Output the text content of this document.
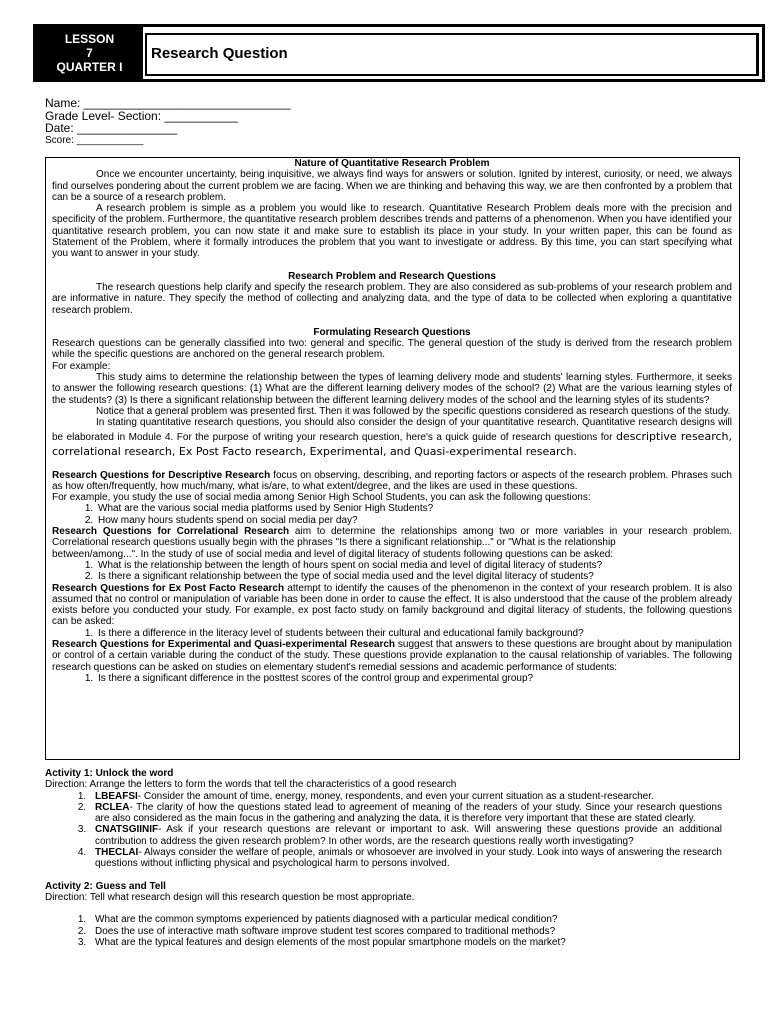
LESSON
7
QUARTER I
Research Question
Name: _______________________________
Grade Level- Section: ___________
Date: _______________
Score: ____________

Nature of Quantitative Research Problem

Once we encounter uncertainty, being inquisitive, we always find ways for answers or solution. Ignited by interest, curiosity, or need, we always find ourselves pondering about the current problem we are facing. When we are thinking and behaving this way, we are then confronted by a problem that can be a source of a research problem.

A research problem is simple as a problem you would like to research. Quantitative Research Problem deals more with the precision and specificity of the problem. Furthermore, the quantitative research problem describes trends and patterns of a phenomenon. When you have identified your quantitative research problem, you can now state it and make sure to establish its place in your study. In your written paper, this can be found as Statement of the Problem, where it formally introduces the problem that you want to investigate or address. By this time, you can start specifying what you want to answer in your study.

Research Problem and Research Questions

The research questions help clarify and specify the research problem. They are also considered as sub-problems of your research problem and are informative in nature. They specify the method of collecting and analyzing data, and the type of data to be collected when exploring a quantitative research problem.

Formulating Research Questions

Research questions can be generally classified into two: general and specific. The general question of the study is derived from the research problem while the specific questions are anchored on the general research problem.

For example:

This study aims to determine the relationship between the types of learning delivery mode and students' learning styles. Furthermore, it seeks to answer the following research questions: (1) What are the different learning delivery modes of the school? (2) What are the various learning styles of the students? (3) Is there a significant relationship between the different learning delivery modes of the school and the learning styles of its students?

Notice that a general problem was presented first. Then it was followed by the specific questions considered as research questions of the study.

In stating quantitative research questions, you should also consider the design of your quantitative research. Quantitative research designs will be elaborated in Module 4. For the purpose of writing your research question, here's a quick guide of research questions for descriptive research, correlational research, Ex Post Facto research, Experimental, and Quasi-experimental research.

Research Questions for Descriptive Research focus on observing, describing, and reporting factors or aspects of the research problem. Phrases such as how often/frequently, how much/many, what is/are, to what extent/degree, and the likes are used in these questions.

For example, you study the use of social media among Senior High School Students, you can ask the following questions:

1. What are the various social media platforms used by Senior High Students?
2. How many hours students spend on social media per day?

Research Questions for Correlational Research aim to determine the relationships among two or more variables in your research problem. Correlational research questions usually begin with the phrases "Is there a significant relationship..." or "What is the relationship

between/among...". In the study of use of social media and level of digital literacy of students following questions can be asked:

1. What is the relationship between the length of hours spent on social media and level of digital literacy of students?
2. Is there a significant relationship between the type of social media used and the level digital literacy of students?

Research Questions for Ex Post Facto Research attempt to identify the causes of the phenomenon in the context of your research problem. It is also assumed that no control or manipulation of variable has been done in order to cause the effect. It is also understood that the cause of the problem already exists before you conducted your study. For example, ex post facto study on family background and digital literacy of students, the following questions can be asked:

1. Is there a difference in the literacy level of students between their cultural and educational family background?

Research Questions for Experimental and Quasi-experimental Research suggest that answers to these questions are brought about by manipulation or control of a certain variable during the conduct of the study. These questions provide explanation to the causal relationship of variables. The following research questions can be asked on studies on elementary student's remedial sessions and academic performance of students:

1. Is there a significant difference in the posttest scores of the control group and experimental group?

Activity 1: Unlock the word

Direction: Arrange the letters to form the words that tell the characteristics of a good research

1. LBEAFSI- Consider the amount of time, energy, money, respondents, and even your current situation as a student-researcher.
2. RCLEA- The clarity of how the questions stated lead to agreement of meaning of the readers of your study. Since your research questions are also considered as the main focus in the gathering and analyzing the data, it is therefore very important that these are stated clearly.
3. CNATSGIINIF- Ask if your research questions are relevant or important to ask. Will answering these questions provide an additional contribution to address the given research problem? In other words, are the research questions really worth investigating?
4. THECLAI- Always consider the welfare of people, animals or whosoever are involved in your study. Look into ways of answering the research questions without inflicting physical and psychological harm to persons involved.

Activity 2: Guess and Tell

Direction: Tell what research design will this research question be most appropriate.

1. What are the common symptoms experienced by patients diagnosed with a particular medical condition?
2. Does the use of interactive math software improve student test scores compared to traditional methods?
3. What are the typical features and design elements of the most popular smartphone models on the market?
